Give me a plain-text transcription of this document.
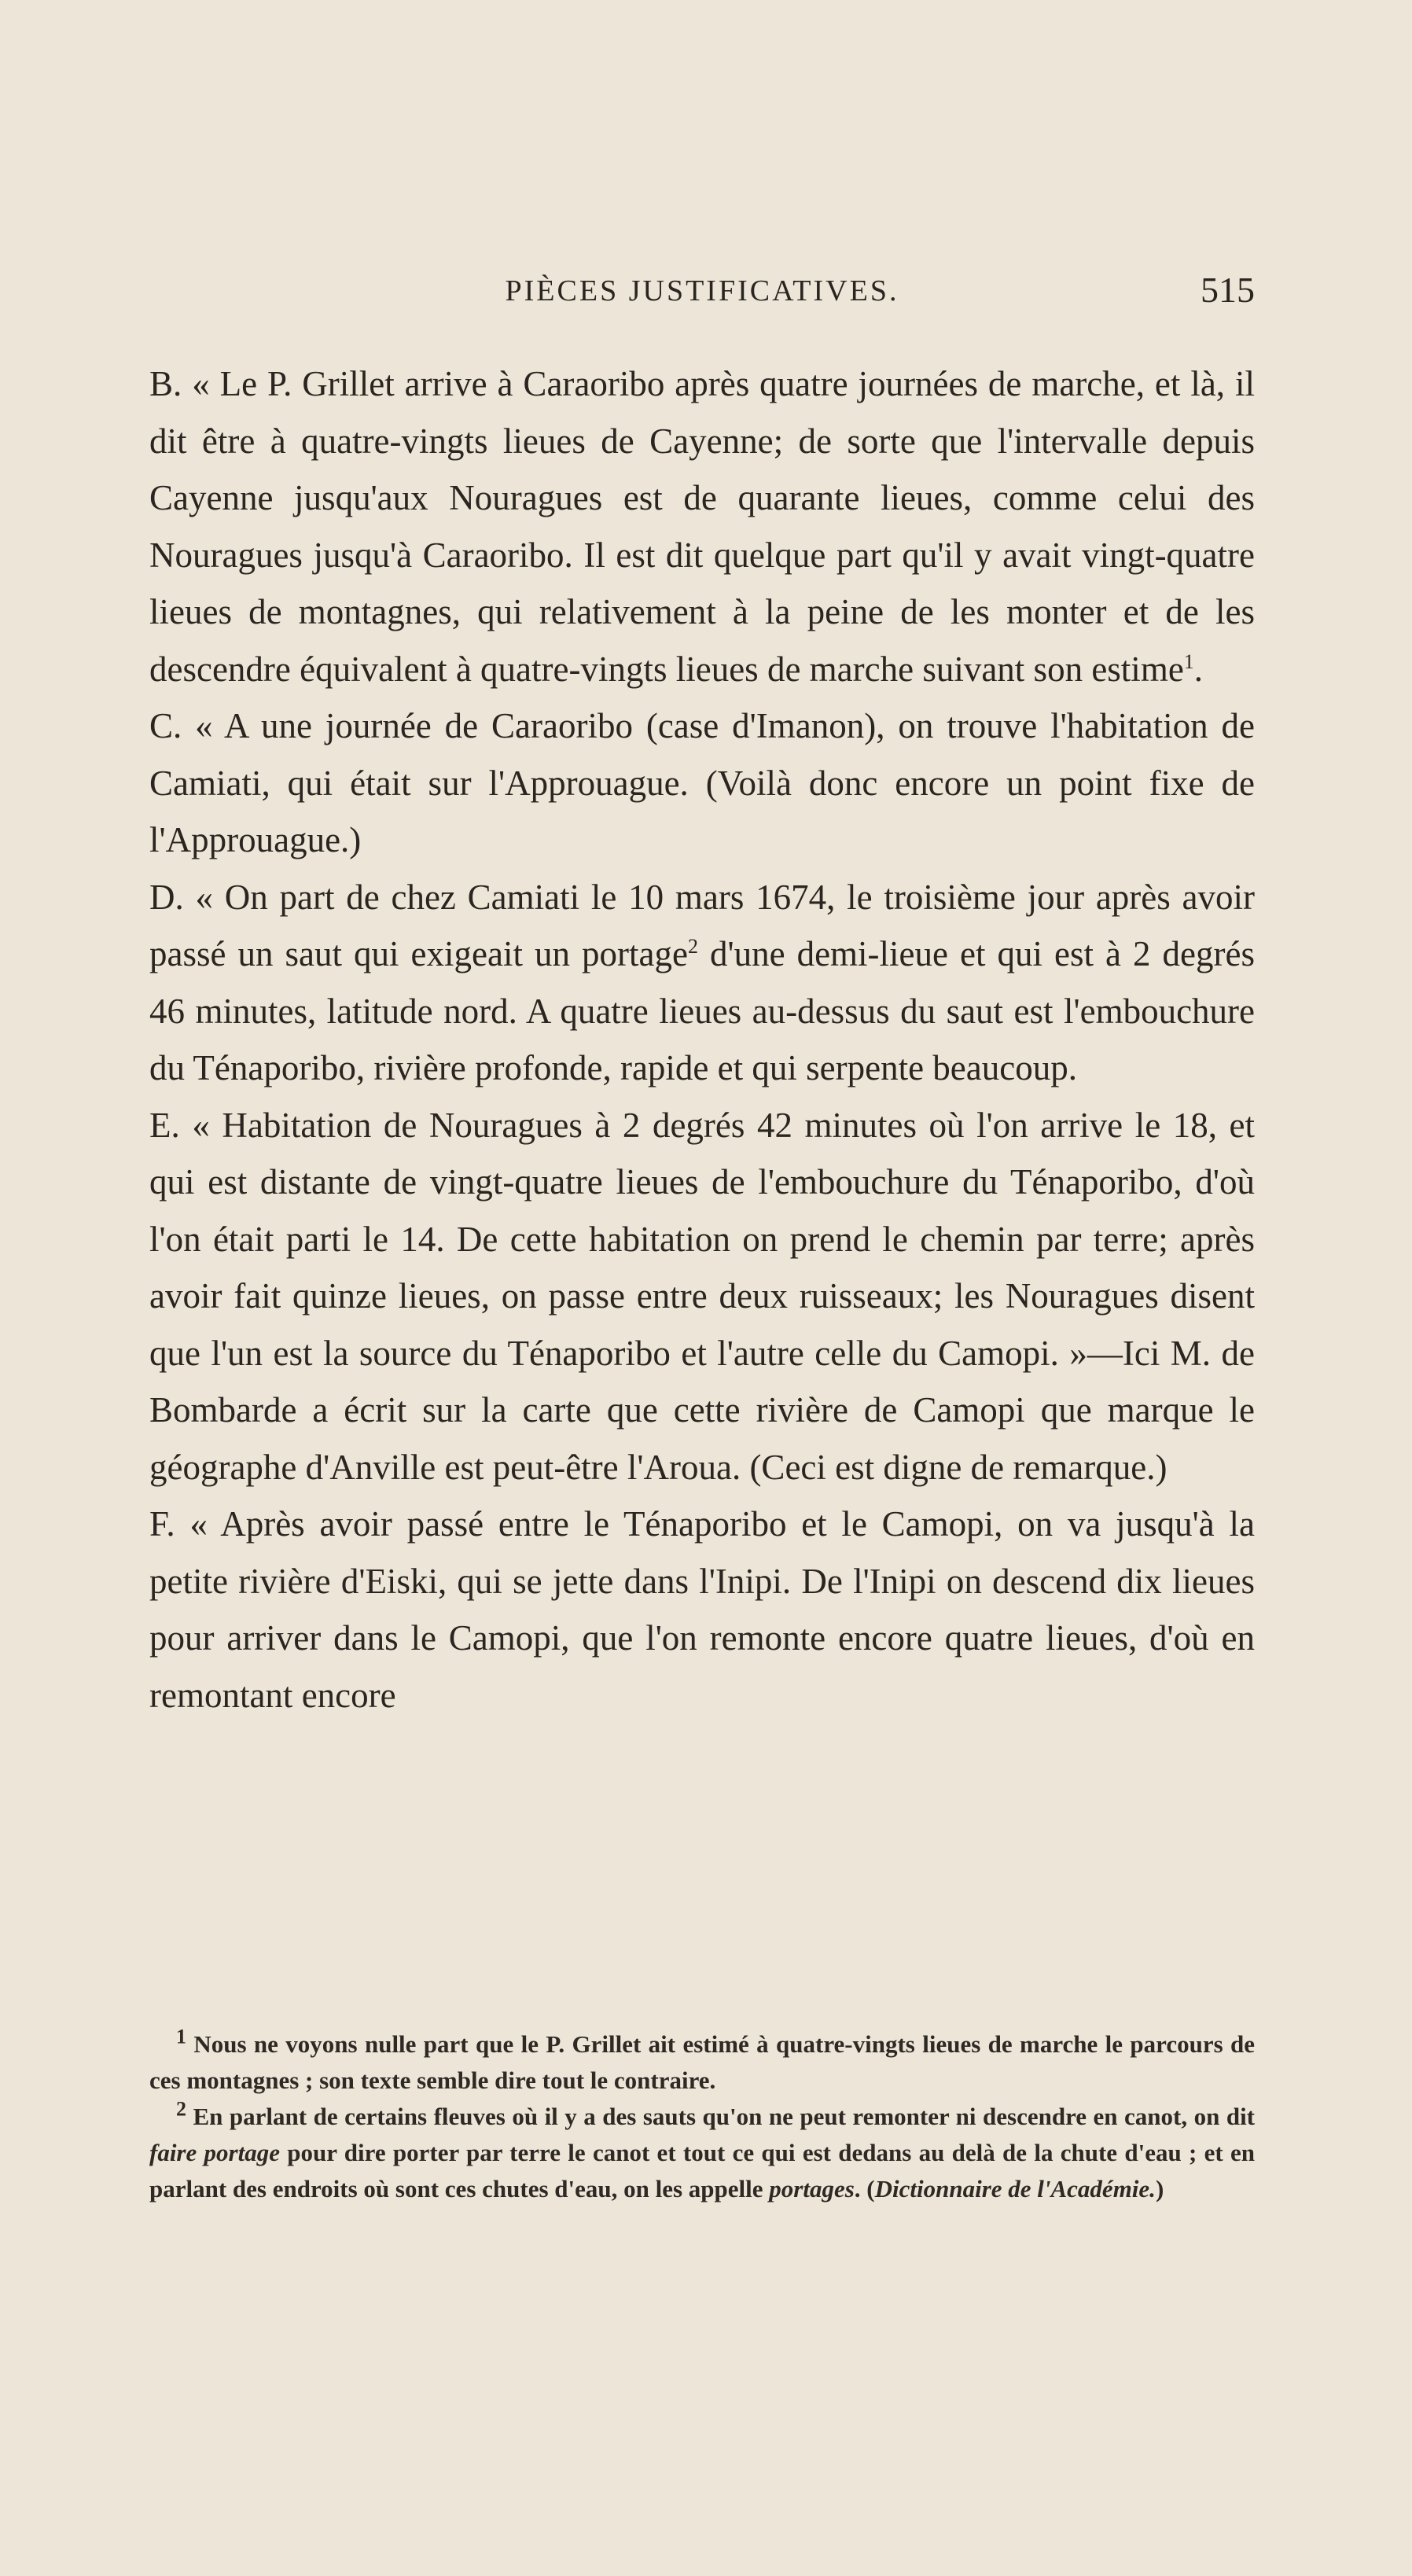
PIÈCES JUSTIFICATIVES.	515

B. « Le P. Grillet arrive à Caraoribo après quatre journées de marche, et là, il dit être à quatre-vingts lieues de Cayenne; de sorte que l'intervalle depuis Cayenne jusqu'aux Nouragues est de quarante lieues, comme celui des Nouragues jusqu'à Caraoribo. Il est dit quelque part qu'il y avait vingt-quatre lieues de montagnes, qui relativement à la peine de les monter et de les descendre équivalent à quatre-vingts lieues de marche suivant son estime$^1$.

C. « A une journée de Caraoribo (case d'Imanon), on trouve l'habitation de Camiati, qui était sur l'Approuague. (Voilà donc encore un point fixe de l'Approuague.)

D. « On part de chez Camiati le 10 mars 1674, le troisième jour après avoir passé un saut qui exigeait un portage$^2$ d'une demi-lieue et qui est à 2 degrés 46 minutes, latitude nord. A quatre lieues au-dessus du saut est l'embouchure du Ténaporibo, rivière profonde, rapide et qui serpente beaucoup.

E. « Habitation de Nouragues à 2 degrés 42 minutes où l'on arrive le 18, et qui est distante de vingt-quatre lieues de l'embouchure du Ténaporibo, d'où l'on était parti le 14. De cette habitation on prend le chemin par terre; après avoir fait quinze lieues, on passe entre deux ruisseaux; les Nouragues disent que l'un est la source du Ténaporibo et l'autre celle du Camopi. »—Ici M. de Bombarde a écrit sur la carte que cette rivière de Camopi que marque le géographe d'Anville est peut-être l'Aroua. (Ceci est digne de remarque.)

F. « Après avoir passé entre le Ténaporibo et le Camopi, on va jusqu'à la petite rivière d'Eiski, qui se jette dans l'Inipi. De l'Inipi on descend dix lieues pour arriver dans le Camopi, que l'on remonte encore quatre lieues, d'où en remontant encore

$^1$ Nous ne voyons nulle part que le P. Grillet ait estimé à quatre-vingts lieues de marche le parcours de ces montagnes ; son texte semble dire tout le contraire.

$^2$ En parlant de certains fleuves où il y a des sauts qu'on ne peut remonter ni descendre en canot, on dit faire portage pour dire porter par terre le canot et tout ce qui est dedans au delà de la chute d'eau ; et en parlant des endroits où sont ces chutes d'eau, on les appelle portages. (Dictionnaire de l'Académie.)
